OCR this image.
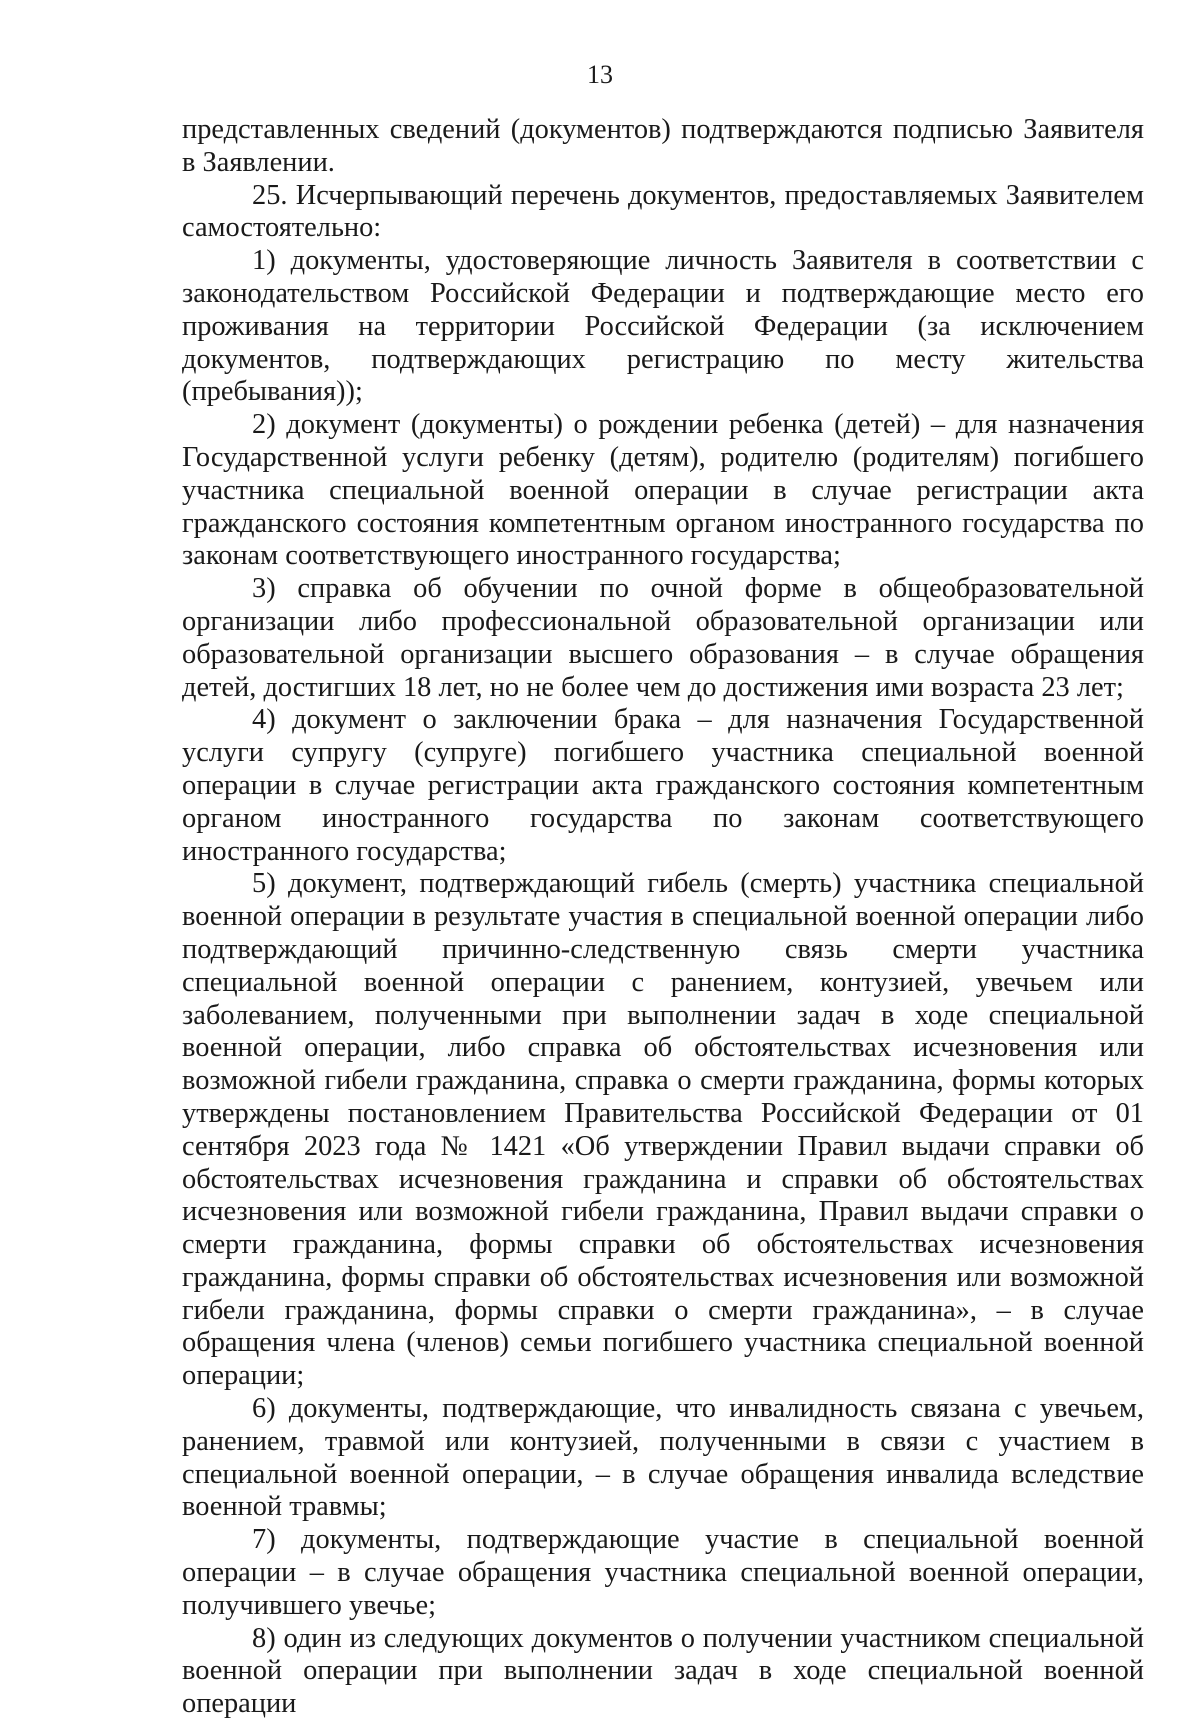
13

представленных сведений (документов) подтверждаются подписью Заявителя в Заявлении.

25. Исчерпывающий перечень документов, предоставляемых Заявителем самостоятельно:

1) документы, удостоверяющие личность Заявителя в соответствии с законодательством Российской Федерации и подтверждающие место его проживания на территории Российской Федерации (за исключением документов, подтверждающих регистрацию по месту жительства (пребывания));

2) документ (документы) о рождении ребенка (детей) – для назначения Государственной услуги ребенку (детям), родителю (родителям) погибшего участника специальной военной операции в случае регистрации акта гражданского состояния компетентным органом иностранного государства по законам соответствующего иностранного государства;

3) справка об обучении по очной форме в общеобразовательной организации либо профессиональной образовательной организации или образовательной организации высшего образования – в случае обращения детей, достигших 18 лет, но не более чем до достижения ими возраста 23 лет;

4) документ о заключении брака – для назначения Государственной услуги супругу (супруге) погибшего участника специальной военной операции в случае регистрации акта гражданского состояния компетентным органом иностранного государства по законам соответствующего иностранного государства;

5) документ, подтверждающий гибель (смерть) участника специальной военной операции в результате участия в специальной военной операции либо подтверждающий причинно-следственную связь смерти участника специальной военной операции с ранением, контузией, увечьем или заболеванием, полученными при выполнении задач в ходе специальной военной операции, либо справка об обстоятельствах исчезновения или возможной гибели гражданина, справка о смерти гражданина, формы которых утверждены постановлением Правительства Российской Федерации от 01 сентября 2023 года № 1421 «Об утверждении Правил выдачи справки об обстоятельствах исчезновения гражданина и справки об обстоятельствах исчезновения или возможной гибели гражданина, Правил выдачи справки о смерти гражданина, формы справки об обстоятельствах исчезновения гражданина, формы справки об обстоятельствах исчезновения или возможной гибели гражданина, формы справки о смерти гражданина», – в случае обращения члена (членов) семьи погибшего участника специальной военной операции;

6) документы, подтверждающие, что инвалидность связана с увечьем, ранением, травмой или контузией, полученными в связи с участием в специальной военной операции, – в случае обращения инвалида вследствие военной травмы;

7) документы, подтверждающие участие в специальной военной операции – в случае обращения участника специальной военной операции, получившего увечье;

8) один из следующих документов о получении участником специальной военной операции при выполнении задач в ходе специальной военной операции
